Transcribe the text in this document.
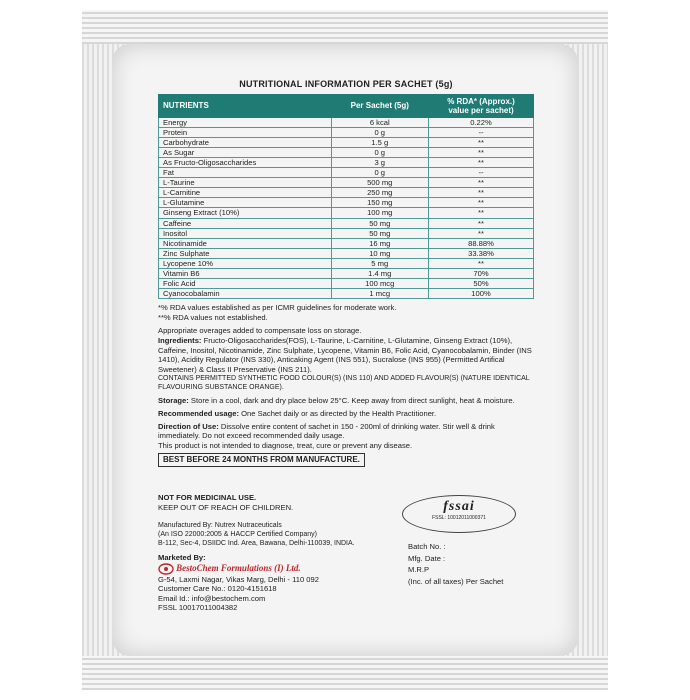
NUTRITIONAL INFORMATION PER SACHET (5g)
NUTRIENTS	Per Sachet (5g)	% RDA* (Approx.)
value per sachet)
Energy	6 kcal	0.22%
Protein	0 g	--
Carbohydrate	1.5 g	**
As Sugar	0 g	**
As Fructo-Oligosaccharides	3 g	**
Fat	0 g	--
L-Taurine	500 mg	**
L-Carnitine	250 mg	**
L-Glutamine	150 mg	**
Ginseng Extract (10%)	100 mg	**
Caffeine	50 mg	**
Inositol	50 mg	**
Nicotinamide	16 mg	88.88%
Zinc Sulphate	10 mg	33.38%
Lycopene 10%	5 mg	**
Vitamin B6	1.4 mg	70%
Folic Acid	100 mcg	50%
Cyanocobalamin	1 mcg	100%

*% RDA values established as per ICMR guidelines for moderate work.

**% RDA values not established.

Appropriate overages added to compensate loss on storage.

Ingredients: Fructo-Oligosaccharides(FOS), L-Taurine, L-Carnitine, L-Glutamine, Ginseng Extract (10%), Caffeine, Inositol, Nicotinamide, Zinc Sulphate, Lycopene, Vitamin B6, Folic Acid, Cyanocobalamin, Binder (INS 1410), Acidity Regulator (INS 330), Anticaking Agent (INS 551), Sucralose (INS 955) (Permitted Artifical Sweetener) & Class II Preservative (INS 211).

CONTAINS PERMITTED SYNTHETIC FOOD COLOUR(S) (INS 110) AND ADDED FLAVOUR(S) (NATURE IDENTICAL FLAVOURING SUBSTANCE ORANGE).

Storage: Store in a cool, dark and dry place below 25°C. Keep away from direct sunlight, heat & moisture.

Recommended usage: One Sachet daily or as directed by the Health Practitioner.

Direction of Use: Dissolve entire content of sachet in 150 - 200ml of drinking water. Stir well & drink immediately. Do not exceed recommended daily usage.

This product is not intended to diagnose, treat, cure or prevent any disease.

BEST BEFORE 24 MONTHS FROM MANUFACTURE.
NOT FOR MEDICINAL USE.
KEEP OUT OF REACH OF CHILDREN.	fssai
FSSL: 10012011000371
Manufactured By: Nutrex Nutraceuticals
(An ISO 22000:2005 & HACCP Certified Company)
B-112, Sec-4, DSIIDC Ind. Area, Bawana, Delhi-110039, INDIA.
Marketed By:
BestoChem Formulations (I) Ltd.
G-54, Laxmi Nagar, Vikas Marg, Delhi - 110 092
Customer Care No.: 0120-4151618
Email Id.: info@bestochem.com
FSSL 10017011004382
Batch No. :
Mfg. Date :
M.R.P
(Inc. of all taxes) Per Sachet
